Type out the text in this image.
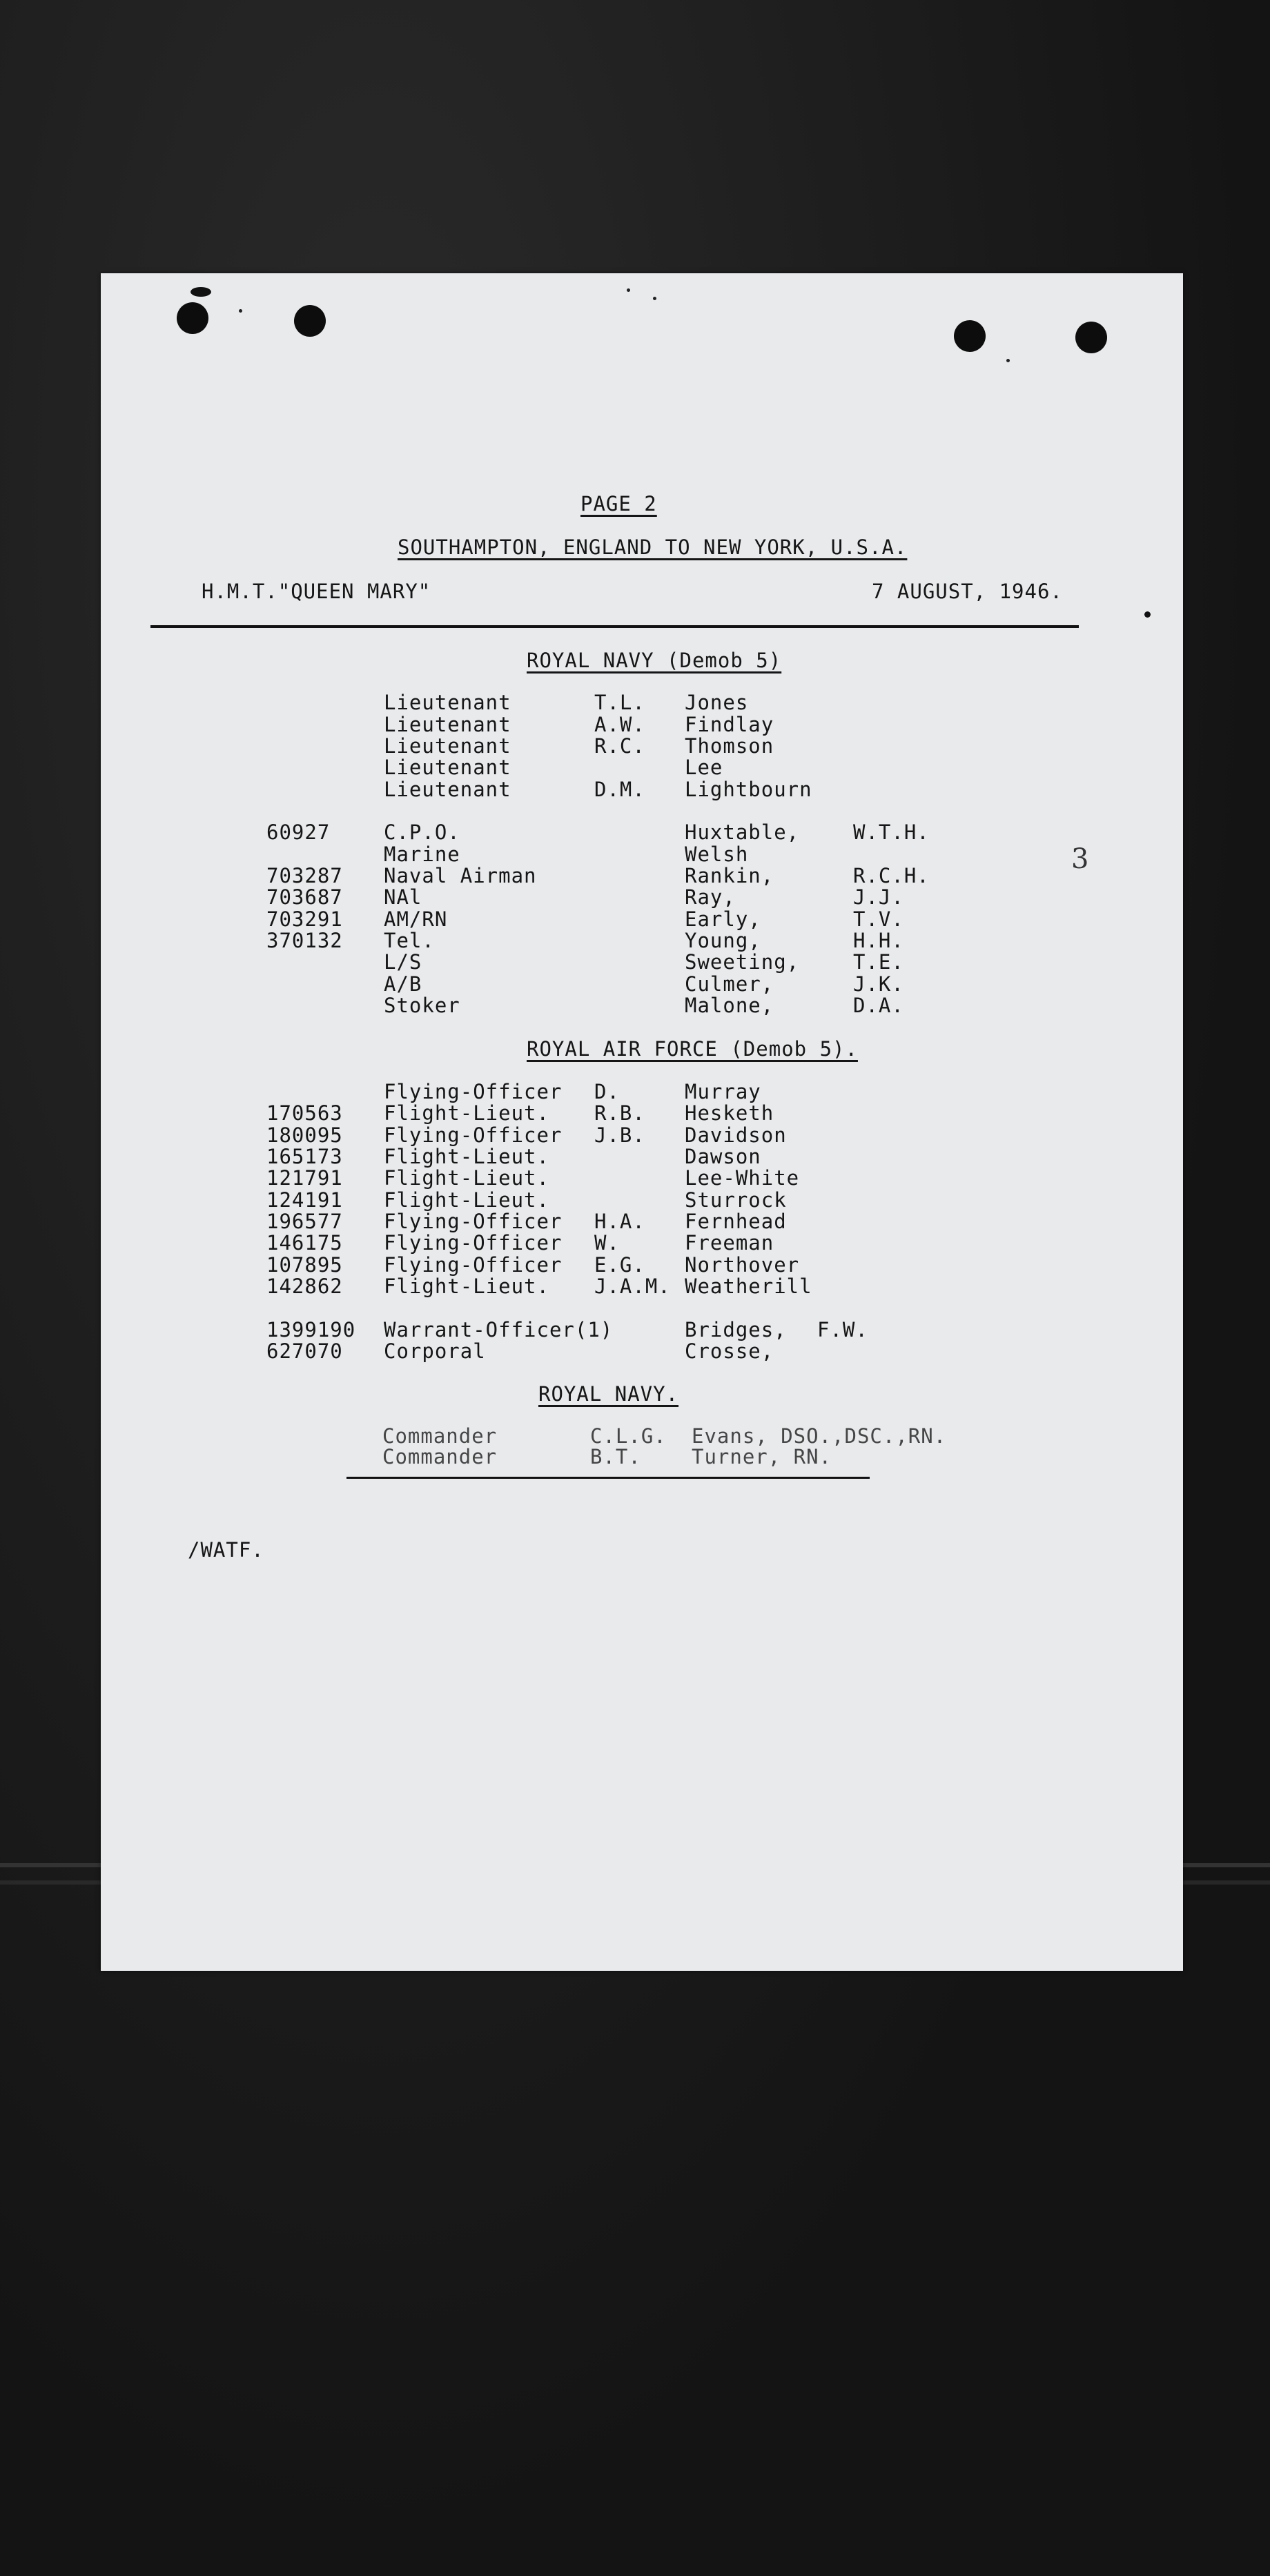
PAGE 2
SOUTHAMPTON, ENGLAND TO NEW YORK, U.S.A.
H.M.T."QUEEN MARY"	7 AUGUST, 1946.
ROYAL NAVY (Demob 5)
Lieutenant	T.L. Jones
Lieutenant	A.W. Findlay
Lieutenant	R.C. Thomson
Lieutenant	Lee
Lieutenant	D.M. Lightbourn
60927	C.P.O.	Huxtable,	W.T.H.
Marine	Welsh
703287 Naval Airman	Rankin,	R.C.H.
703687 NAl	Ray,	J.J.
703291 AM/RN	Early,	T.V.
370132 Tel.	Young,	H.H.
L/S	Sweeting,	T.E.
A/B	Culmer,	J.K.
Stoker	Malone,	D.A.
3
ROYAL AIR FORCE (Demob 5).
Flying-Officer D.	Murray
170563 Flight-Lieut. R.B. Hesketh
180095 Flying-Officer J.B. Davidson
165173 Flight-Lieut.	Dawson
121791 Flight-Lieut.	Lee-White
124191 Flight-Lieut.	Sturrock
196577 Flying-Officer H.A. Fernhead
146175 Flying-Officer W.	Freeman
107895 Flying-Officer E.G. Northover
142862 Flight-Lieut. J.A.M. Weatherill
1399190 Warrant-Officer(1)	Bridges, F.W.
627070 Corporal	Crosse,
ROYAL NAVY.
Commander	C.L.G. Evans, DSO.,DSC.,RN.
Commander	B.T.	Turner, RN.
/WATF.
